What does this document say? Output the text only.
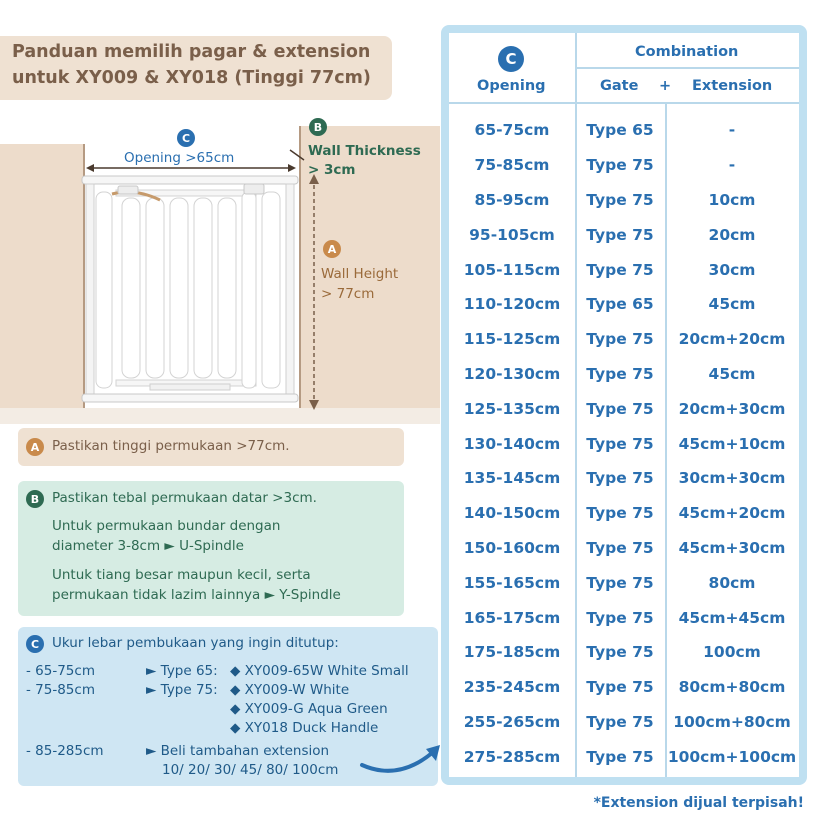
Panduan memilih pagar & extension
untuk XY009 & XY018 (Tinggi 77cm)
C
Opening >65cm
B
Wall Thickness
> 3cm
A
Wall Height
> 77cm
A Pastikan tinggi permukaan >77cm.
B Pastikan tebal permukaan datar >3cm.
Untuk permukaan bundar dengan
diameter 3-8cm ► U-Spindle
Untuk tiang besar maupun kecil, serta
permukaan tidak lazim lainnya ► Y-Spindle
C Ukur lebar pembukaan yang ingin ditutup:
- 65-75cm	► Type 65: ◆ XY009-65W White Small
- 75-85cm	► Type 75: ◆ XY009-W White
◆ XY009-G Aqua Green
◆ XY018 Duck Handle
- 85-285cm	► Beli tambahan extension
10/ 20/ 30/ 45/ 80/ 100cm
C
Opening
Combination
Gate + Extension
65-75cm	Type 65	-
75-85cm	Type 75	-
85-95cm	Type 75	10cm
95-105cm	Type 75	20cm
105-115cm	Type 75	30cm
110-120cm	Type 65	45cm
115-125cm	Type 75	20cm+20cm
120-130cm	Type 75	45cm
125-135cm	Type 75	20cm+30cm
130-140cm	Type 75	45cm+10cm
135-145cm	Type 75	30cm+30cm
140-150cm	Type 75	45cm+20cm
150-160cm	Type 75	45cm+30cm
155-165cm	Type 75	80cm
165-175cm	Type 75	45cm+45cm
175-185cm	Type 75	100cm
235-245cm	Type 75	80cm+80cm
255-265cm	Type 75	100cm+80cm
275-285cm	Type 75 100cm+100cm
*Extension dijual terpisah!
